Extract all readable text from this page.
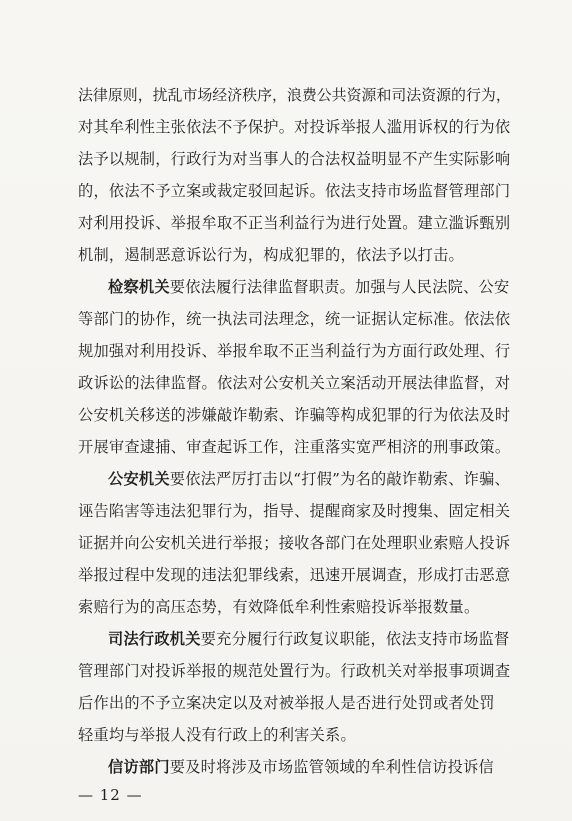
法律原则，扰乱市场经济秩序，浪费公共资源和司法资源的行为，
对其牟利性主张依法不予保护。对投诉举报人滥用诉权的行为依
法予以规制，行政行为对当事人的合法权益明显不产生实际影响
的，依法不予立案或裁定驳回起诉。依法支持市场监督管理部门
对利用投诉、举报牟取不正当利益行为进行处置。建立滥诉甄别
机制，遏制恶意诉讼行为，构成犯罪的，依法予以打击。
检察机关要依法履行法律监督职责。加强与人民法院、公安
等部门的协作，统一执法司法理念，统一证据认定标准。依法依
规加强对利用投诉、举报牟取不正当利益行为方面行政处理、行
政诉讼的法律监督。依法对公安机关立案活动开展法律监督，对
公安机关移送的涉嫌敲诈勒索、诈骗等构成犯罪的行为依法及时
开展审查逮捕、审查起诉工作，注重落实宽严相济的刑事政策。
公安机关要依法严厉打击以“打假”为名的敲诈勒索、诈骗、
诬告陷害等违法犯罪行为，指导、提醒商家及时搜集、固定相关
证据并向公安机关进行举报；接收各部门在处理职业索赔人投诉
举报过程中发现的违法犯罪线索，迅速开展调查，形成打击恶意
索赔行为的高压态势，有效降低牟利性索赔投诉举报数量。
司法行政机关要充分履行行政复议职能，依法支持市场监督
管理部门对投诉举报的规范处置行为。行政机关对举报事项调查
后作出的不予立案决定以及对被举报人是否进行处罚或者处罚
轻重均与举报人没有行政上的利害关系。
信访部门要及时将涉及市场监管领域的牟利性信访投诉信
— 12 —
